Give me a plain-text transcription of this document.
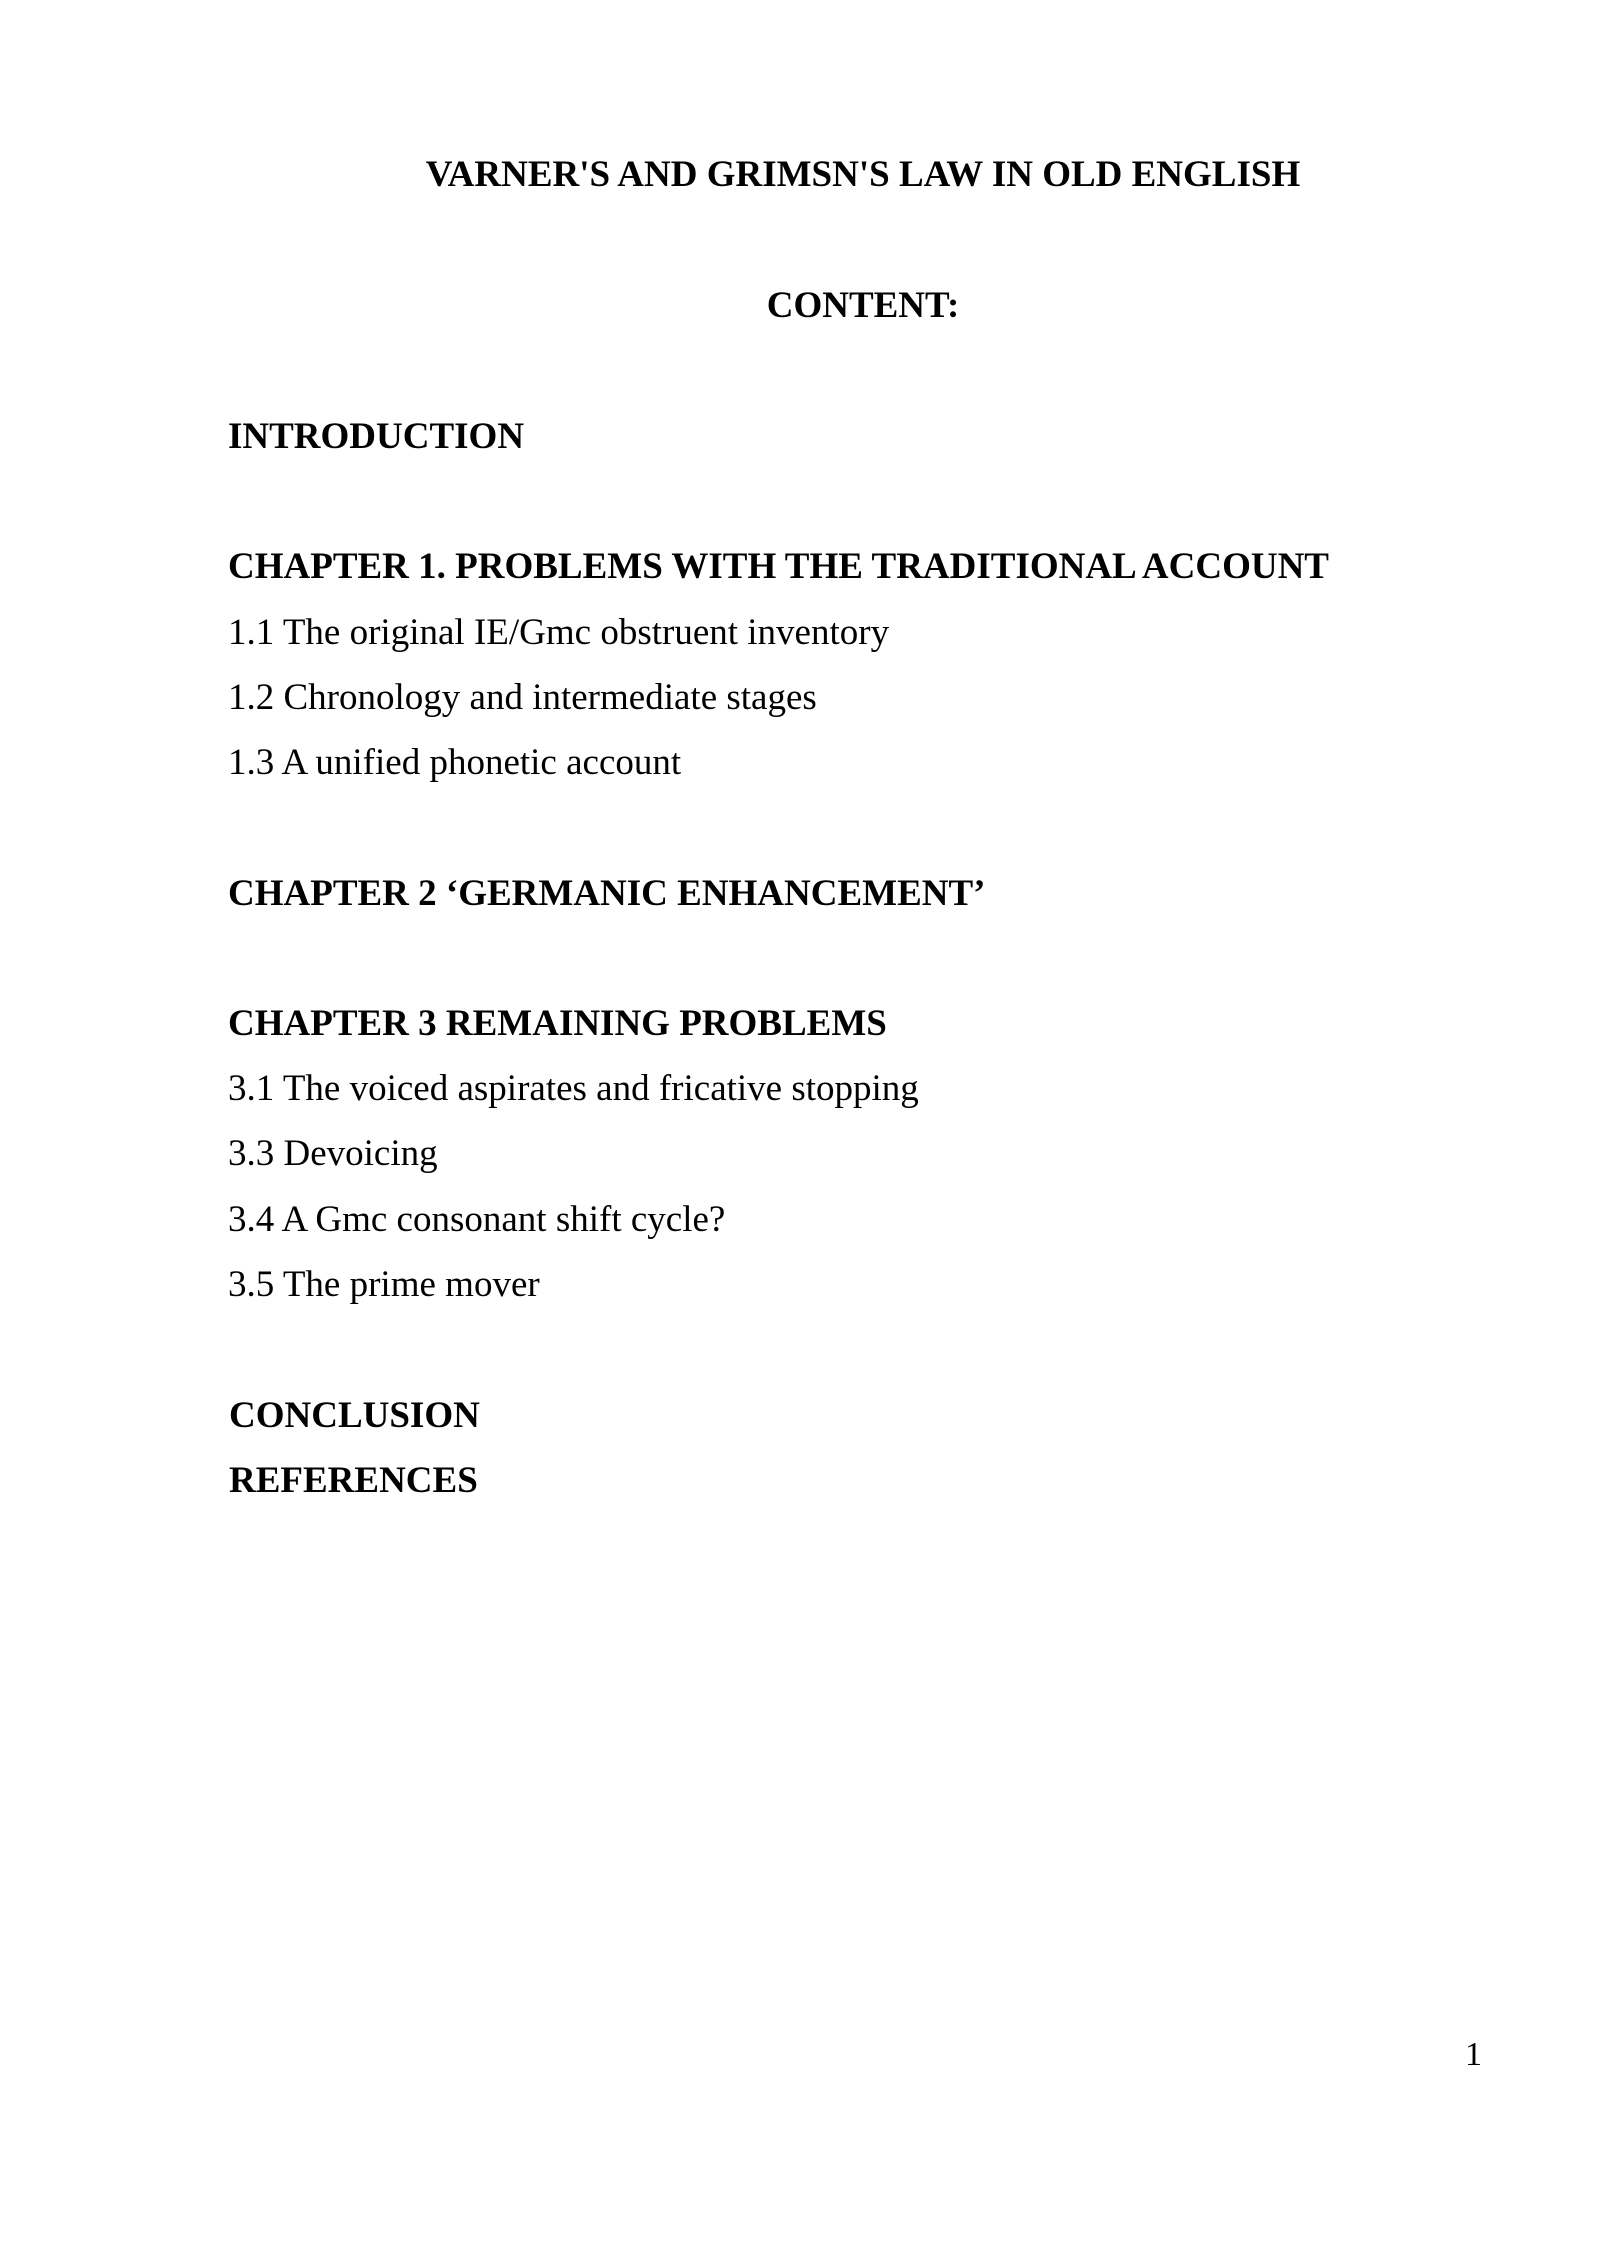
VARNER'S AND GRIMSN'S LAW IN OLD ENGLISH
CONTENT:
INTRODUCTION
CHAPTER 1. PROBLEMS WITH THE TRADITIONAL ACCOUNT
1.1 The original IE/Gmc obstruent inventory
1.2 Chronology and intermediate stages
1.3 A unified phonetic account
CHAPTER 2 ‘GERMANIC ENHANCEMENT’
CHAPTER 3 REMAINING PROBLEMS
3.1 The voiced aspirates and fricative stopping
3.3 Devoicing
3.4 A Gmc consonant shift cycle?
3.5 The prime mover
CONCLUSION
REFERENCES
1
